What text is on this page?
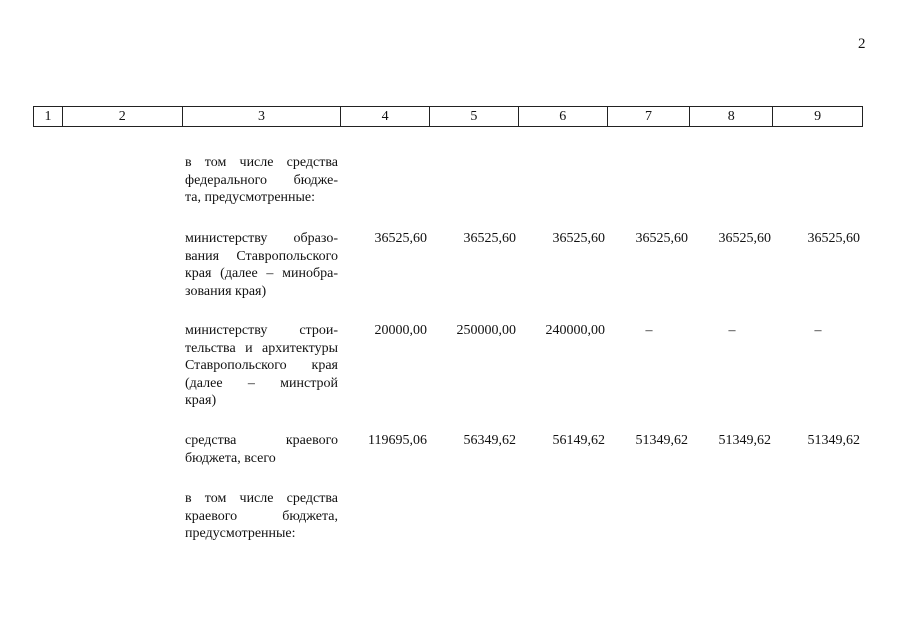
2
1	2	3	4	5	6	7	8	9
в том числе средства
федерального бюдже-
та, предусмотренные:
министерству образо-
вания Ставропольского
края (далее – минобра-
зования края)
36525,60	36525,60	36525,60 36525,60 36525,60	36525,60
министерству строи-
тельства и архитектуры
Ставропольского края
(далее – минстрой
края)
20000,00 250000,00 240000,00	–	–	–
средства краевого
бюджета, всего
119695,06	56349,62	56149,62 51349,62 51349,62	51349,62
в том числе средства
краевого бюджета,
предусмотренные:
